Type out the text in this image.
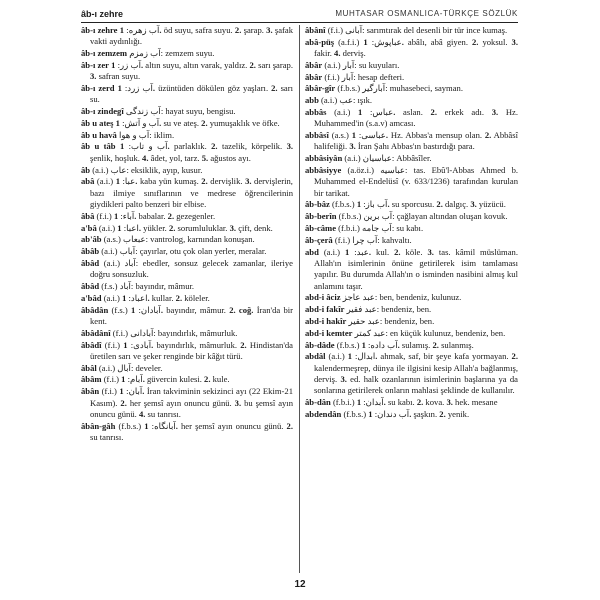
âb-ı zehre	MUHTASAR OSMANLICA-TÜRKÇE SÖZLÜK
âb-ı zehre آب زهره: 1. öd suyu, safra suyu. 2. şarap. 3. şafak vakti aydınlığı.
âb-ı zemzem آب زمزم: zemzem suyu.
âb-ı zer آب زر: 1. altın suyu, altın varak, yaldız. 2. sarı şarap. 3. safran suyu.
âb-ı zerd آب زرد: 1. üzüntüden dökülen göz yaşları. 2. sarı su.
âb-ı zindegî آب زندگی: hayat suyu, bengisu.
âb u ateş آب و آتش: 1. su ve ateş. 2. yumuşaklık ve öfke.
âb u havâ آب و هوا: iklim.
âb u tâb آب و تاب: 1. parlaklık. 2. tazelik, körpelik. 3. şenlik, hoşluk. 4. âdet, yol, tarz. 5. ağustos ayı.
âb (a.i.) عاب: eksiklik, ayıp, kusur.
abâ (a.i.) عبا: 1. kaba yün kumaş. 2. dervişlik. 3. dervişlerin, bazı ilmiye sınıflarının ve medrese öğrencilerinin giydikleri palto benzeri bir elbise.
âbâ (f.i.) آباء: 1. babalar. 2. gezegenler.
a'bâ (a.i.) اعبا: 1. yükler. 2. sorumluluklar. 3. çift, denk.
ab'âb (a.s.) عبعاب: vantrolog, karnından konuşan.
âbâb (a.i.) آباب: çayırlar, otu çok olan yerler, meralar.
âbâd (a.i.) آباد: ebedler, sonsuz gelecek zamanlar, ileriye doğru sonsuzluk.
âbâd (f.s.) آباد: bayındır, mâmur.
a'bâd (a.i.) اعباد: 1. kullar. 2. köleler.
âbâdân (f.s.) آبادان: 1. bayındır, mâmur. 2. coğ. İran'da bir kent.
âbâdânî (f.i.) آبادانی: bayındırlık, mâmurluk.
âbâdî (f.i.) آبادی: 1. bayındırlık, mâmurluk. 2. Hindistan'da üretilen sarı ve şeker renginde bir kâğıt türü.
âbâl (a.i.) آبال: develer.
âbâm (f.i.) آبام: 1. güvercin kulesi. 2. kule.
âbân (f.i.) آبان: 1. İran takviminin sekizinci ayı (22 Ekim-21 Kasım). 2. her şemsî ayın onuncu günü. 3. bu şemsî ayın onuncu günü. 4. su tanrısı.
âbân-gâh (f.b.s.) آبانگاه: 1. her şemsî ayın onuncu günü. 2. su tanrısı.
âbânî (f.i.) آبانی: sarımtırak del desenli bir tür ince kumaş.
abâ-püş (a.f.i.) عباپوش: 1. abâlı, abâ giyen. 2. yoksul. 3. fakir. 4. derviş.
âbâr (a.i.) آبار: su kuyuları.
âbâr (f.i.) آبار: hesap defteri.
âbâr-gîr (f.b.s.) آبارگیر: muhasebeci, sayman.
abb (a.i.) عب: ışık.
abbâs (a.i.) عباس: 1. aslan. 2. erkek adı. 3. Hz. Muhammed'in (s.a.v) amcası.
abbâsî (a.s.) عباسی: 1. Hz. Abbas'a mensup olan. 2. Abbâsî halifeliği. 3. İran Şahı Abbas'ın bastırdığı para.
abbâsiyân (a.i.) عباسیان: Abbâsîler.
abbâsiyye (a.öz.i.) عباسیه: tas. Ebû'l-Abbas Ahmed b. Muhammed el-Endelüsî (v. 633/1236) tarafından kurulan bir tarikat.
âb-bâz (f.b.s.) آب باز: 1. su sporcusu. 2. dalgıç. 3. yüzücü.
âb-berîn (f.b.s.) آب برین: çağlayan altından oluşan kovuk.
âb-câme (f.b.i.) آب جامه: su kabı.
âb-çerâ (f.i.) آب چرا: kahvaltı.
abd (a.i.) عبد: 1. kul. 2. köle. 3. tas. kâmil müslüman. Allah'ın isimlerinin önüne getirilerek isim tamlaması yapılır. Bu durumda Allah'ın o isminden nasibini almış kul anlamını taşır.
abd-i âciz عبد عاجز: ben, bendeniz, kulunuz.
abd-i fakîr عبد فقیر: bendeniz, ben.
abd-i hakîr عبد حقیر: bendeniz, ben.
abd-i kemter عبد کمتر: en küçük kulunuz, bendeniz, ben.
âb-dâde (f.b.s.) آب داده: 1. sulamış. 2. sulanmış.
abdâl (a.i.) ابدال: 1. ahmak, saf, bir şeye kafa yormayan. 2. kalendermeşrep, dünya ile ilgisini kesip Allah'a bağlanmış, derviş. 3. ed. halk ozanlarının isimlerinin başlarına ya da sonlarına getirilerek onların mahlasi şeklinde de kullanılır.
âb-dân (f.b.i.) آبدان: 1. su kabı. 2. kova. 3. hek. mesane
abdendân (f.b.s.) آب دندان: 1. şaşkın. 2. yenik.
12
